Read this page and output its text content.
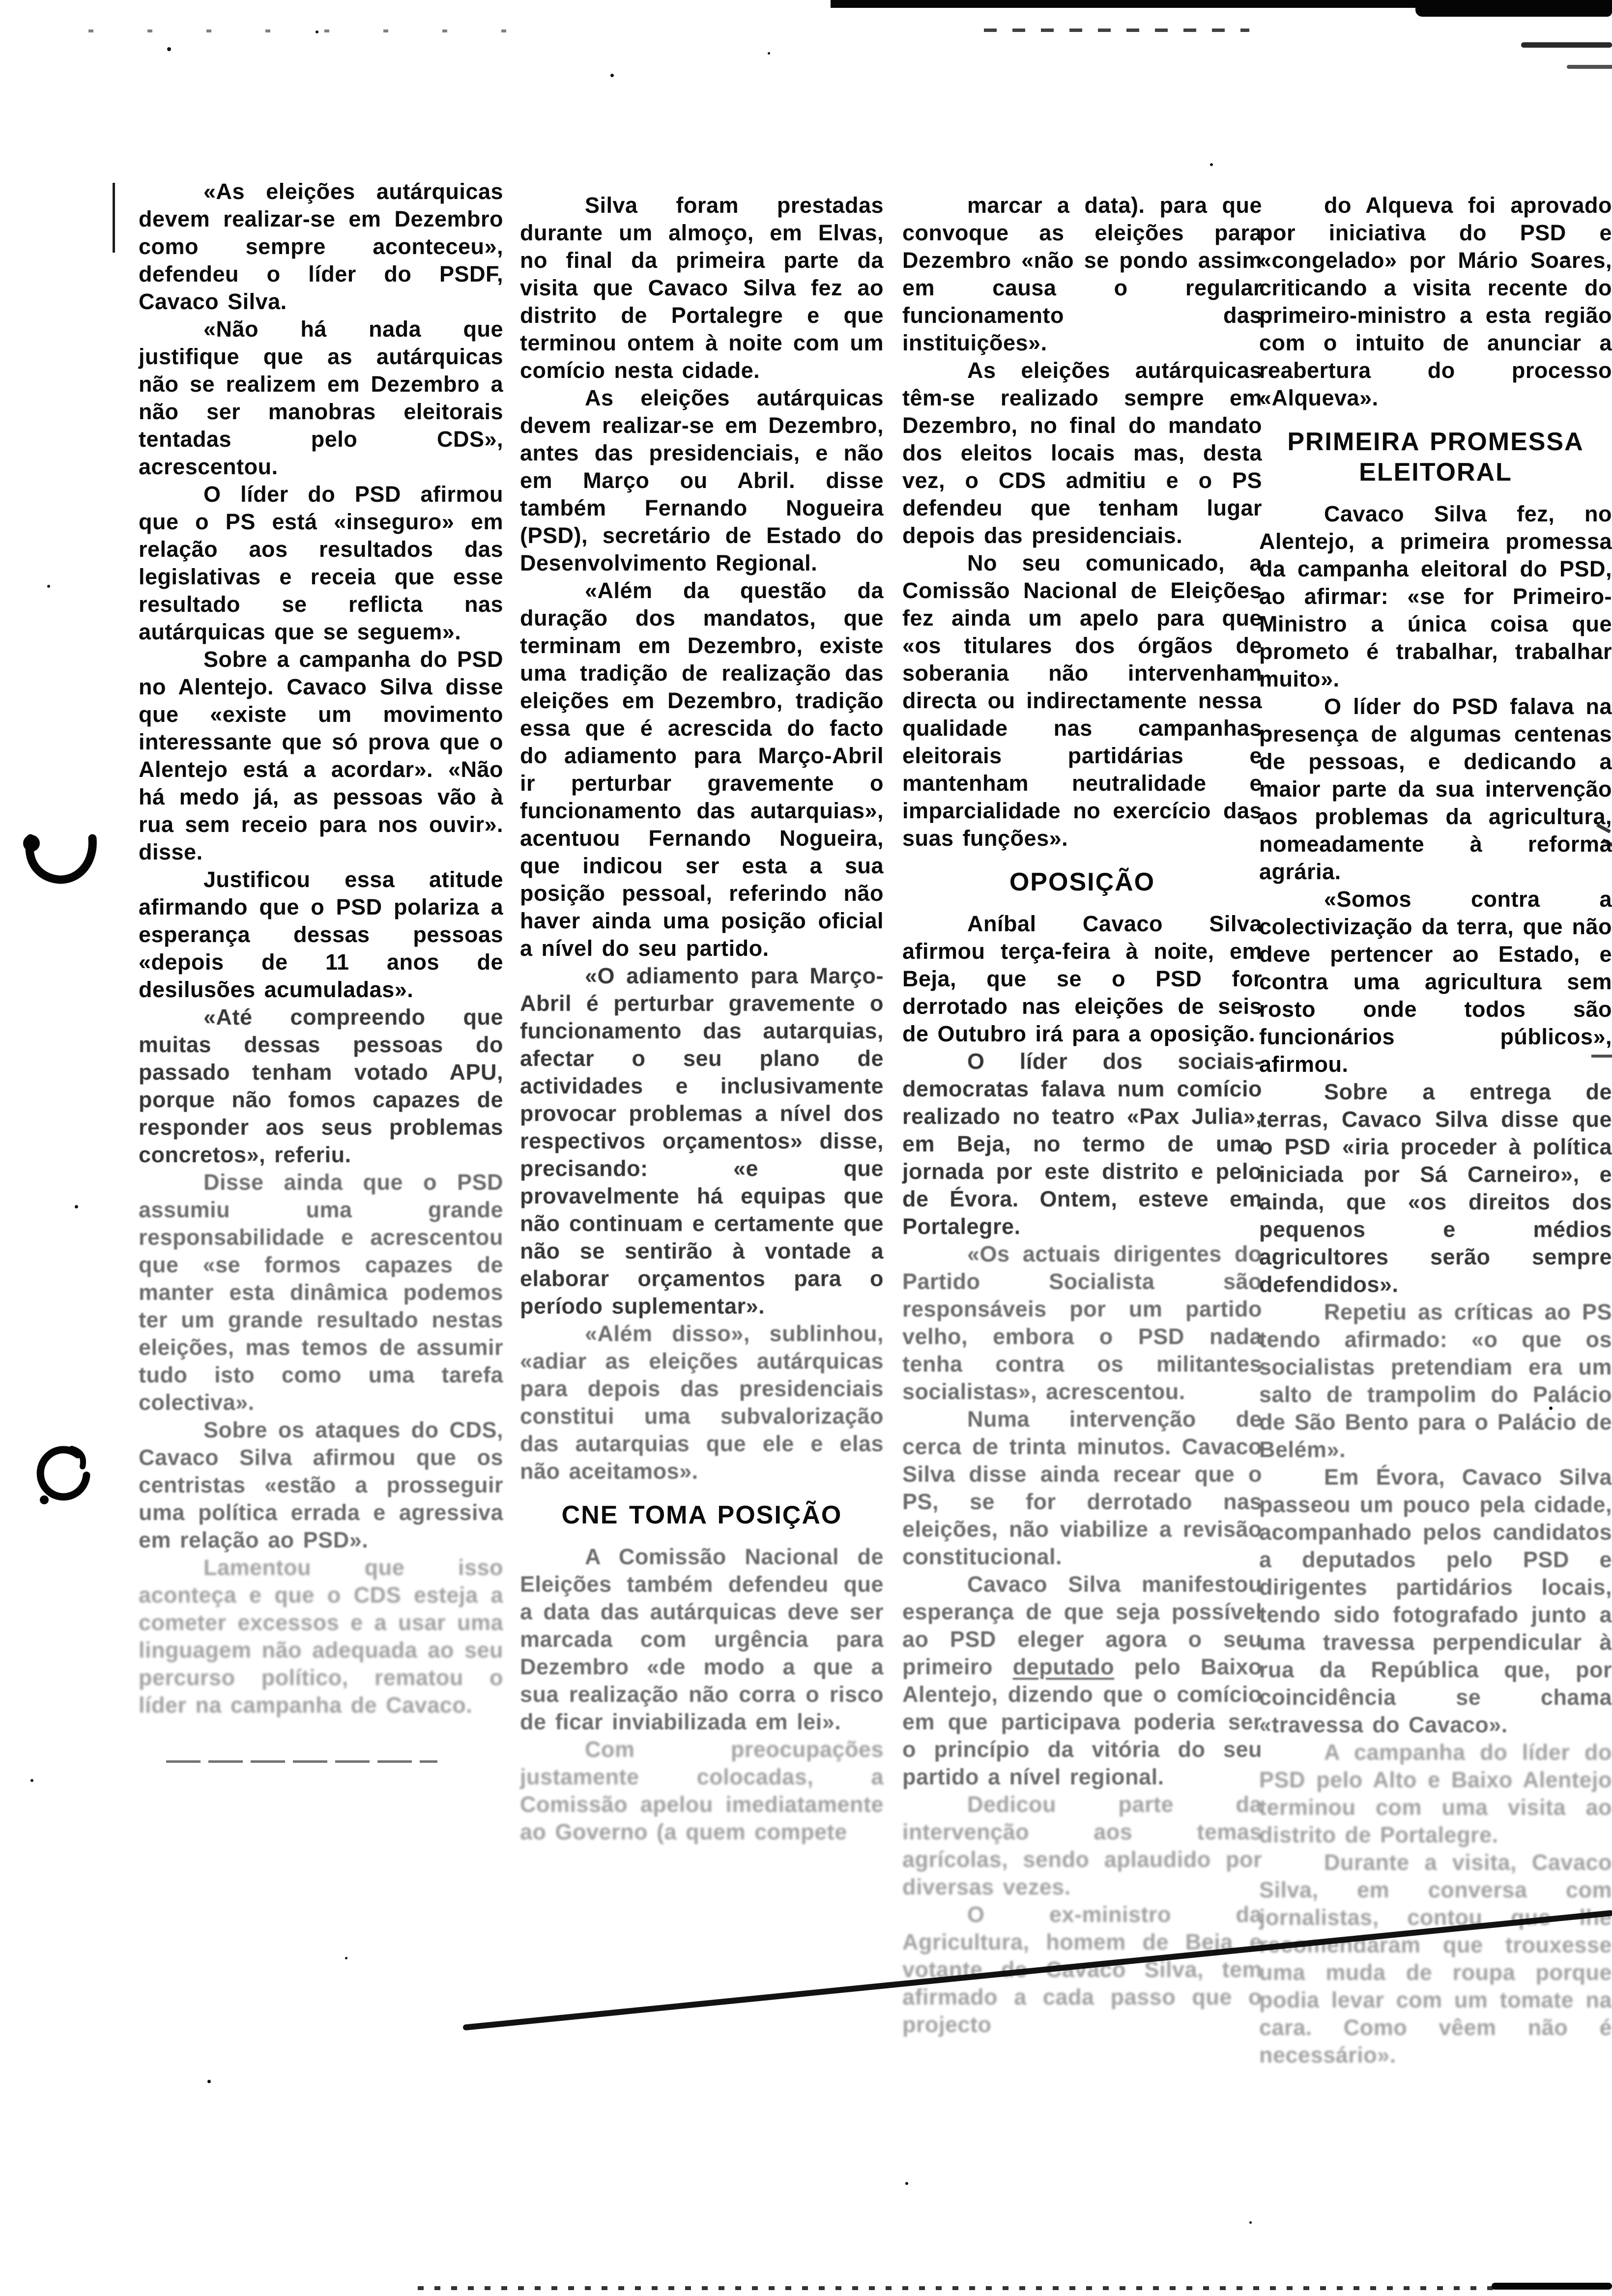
«As eleições autárquicas devem realizar-se em Dezembro como sempre aconteceu», defendeu o líder do PSDF, Cavaco Silva.

«Não há nada que justifique que as autárquicas não se realizem em Dezembro a não ser manobras eleitorais tentadas pelo CDS», acrescentou.

O líder do PSD afirmou que o PS está «inseguro» em relação aos resultados das legislativas e receia que esse resultado se reflicta nas autárquicas que se seguem».

Sobre a campanha do PSD no Alentejo. Cavaco Silva disse que «existe um movimento interessante que só prova que o Alentejo está a acordar». «Não há medo já, as pessoas vão à rua sem receio para nos ouvir». disse.

Justificou essa atitude afirmando que o PSD polariza a esperança dessas pessoas «depois de 11 anos de desilusões acumuladas».

«Até compreendo que muitas dessas pessoas do passado tenham votado APU, porque não fomos capazes de responder aos seus problemas concretos», referiu.

Disse ainda que o PSD assumiu uma grande responsabilidade e acrescentou que «se formos capazes de manter esta dinâmica podemos ter um grande resultado nestas eleições, mas temos de assumir tudo isto como uma tarefa colectiva».

Sobre os ataques do CDS, Cavaco Silva afirmou que os centristas «estão a prosseguir uma política errada e agressiva em relação ao PSD».

Lamentou que isso aconteça e que o CDS esteja a cometer excessos e a usar uma linguagem não adequada ao seu percurso político, rematou o líder na campanha de Cavaco.

Silva foram prestadas durante um almoço, em Elvas, no final da primeira parte da visita que Cavaco Silva fez ao distrito de Portalegre e que terminou ontem à noite com um comício nesta cidade.

As eleições autárquicas devem realizar-se em Dezembro, antes das presidenciais, e não em Março ou Abril. disse também Fernando Nogueira (PSD), secretário de Estado do Desenvolvimento Regional.

«Além da questão da duração dos mandatos, que terminam em Dezembro, existe uma tradição de realização das eleições em Dezembro, tradição essa que é acrescida do facto do adiamento para Março-Abril ir perturbar gravemente o funcionamento das autarquias», acentuou Fernando Nogueira, que indicou ser esta a sua posição pessoal, referindo não haver ainda uma posição oficial a nível do seu partido.

«O adiamento para Março-Abril é perturbar gravemente o funcionamento das autarquias, afectar o seu plano de actividades e inclusivamente provocar problemas a nível dos respectivos orçamentos» disse, precisando: «e que provavelmente há equipas que não continuam e certamente que não se sentirão à vontade a elaborar orçamentos para o período suplementar».

«Além disso», sublinhou, «adiar as eleições autárquicas para depois das presidenciais constitui uma subvalorização das autarquias que ele e elas não aceitamos».

CNE TOMA POSIÇÃO

A Comissão Nacional de Eleições também defendeu que a data das autárquicas deve ser marcada com urgência para Dezembro «de modo a que a sua realização não corra o risco de ficar inviabilizada em lei».

Com preocupações justamente colocadas, a Comissão apelou imediatamente ao Governo (a quem compete

marcar a data). para que convoque as eleições para Dezembro «não se pondo assim em causa o regular funcionamento das instituições».

As eleições autárquicas têm-se realizado sempre em Dezembro, no final do mandato dos eleitos locais mas, desta vez, o CDS admitiu e o PS defendeu que tenham lugar depois das presidenciais.

No seu comunicado, a Comissão Nacional de Eleições fez ainda um apelo para que «os titulares dos órgãos de soberania não intervenham directa ou indirectamente nessa qualidade nas campanhas eleitorais partidárias e mantenham neutralidade e imparcialidade no exercício das suas funções».

OPOSIÇÃO

Aníbal Cavaco Silva afirmou terça-feira à noite, em Beja, que se o PSD for derrotado nas eleições de seis de Outubro irá para a oposição.

O líder dos sociais-democratas falava num comício realizado no teatro «Pax Julia», em Beja, no termo de uma jornada por este distrito e pelo de Évora. Ontem, esteve em Portalegre.

«Os actuais dirigentes do Partido Socialista são responsáveis por um partido velho, embora o PSD nada tenha contra os militantes socialistas», acrescentou.

Numa intervenção de cerca de trinta minutos. Cavaco Silva disse ainda recear que o PS, se for derrotado nas eleições, não viabilize a revisão constitucional.

Cavaco Silva manifestou esperança de que seja possível ao PSD eleger agora o seu primeiro deputado pelo Baixo Alentejo, dizendo que o comício em que participava poderia ser o princípio da vitória do seu partido a nível regional.

Dedicou parte da intervenção aos temas agrícolas, sendo aplaudido por diversas vezes.

O ex-ministro da Agricultura, homem de Beja e votante de Cavaco Silva, tem afirmado a cada passo que o projecto

do Alqueva foi aprovado por iniciativa do PSD e «congelado» por Mário Soares, criticando a visita recente do primeiro-ministro a esta região com o intuito de anunciar a reabertura do processo «Alqueva».

PRIMEIRA PROMESSA ELEITORAL

Cavaco Silva fez, no Alentejo, a primeira promessa da campanha eleitoral do PSD, ao afirmar: «se for Primeiro-Ministro a única coisa que prometo é trabalhar, trabalhar muito».

O líder do PSD falava na presença de algumas centenas de pessoas, e dedicando a maior parte da sua intervenção aos problemas da agricultura, nomeadamente à reforma agrária.

«Somos contra a colectivização da terra, que não deve pertencer ao Estado, e contra uma agricultura sem rosto onde todos são funcionários públicos», afirmou.

Sobre a entrega de terras, Cavaco Silva disse que o PSD «iria proceder à política iniciada por Sá Carneiro», e ainda, que «os direitos dos pequenos e médios agricultores serão sempre defendidos».

Repetiu as críticas ao PS tendo afirmado: «o que os socialistas pretendiam era um salto de trampolim do Palácio de São Bento para o Palácio de Belém».

Em Évora, Cavaco Silva passeou um pouco pela cidade, acompanhado pelos candidatos a deputados pelo PSD e dirigentes partidários locais, tendo sido fotografado junto a uma travessa perpendicular à rua da República que, por coincidência se chama «travessa do Cavaco».

A campanha do líder do PSD pelo Alto e Baixo Alentejo terminou com uma visita ao distrito de Portalegre.

Durante a visita, Cavaco Silva, em conversa com jornalistas, contou que lhe recomendaram que trouxesse uma muda de roupa porque podia levar com um tomate na cara. Como vêem não é necessário».
